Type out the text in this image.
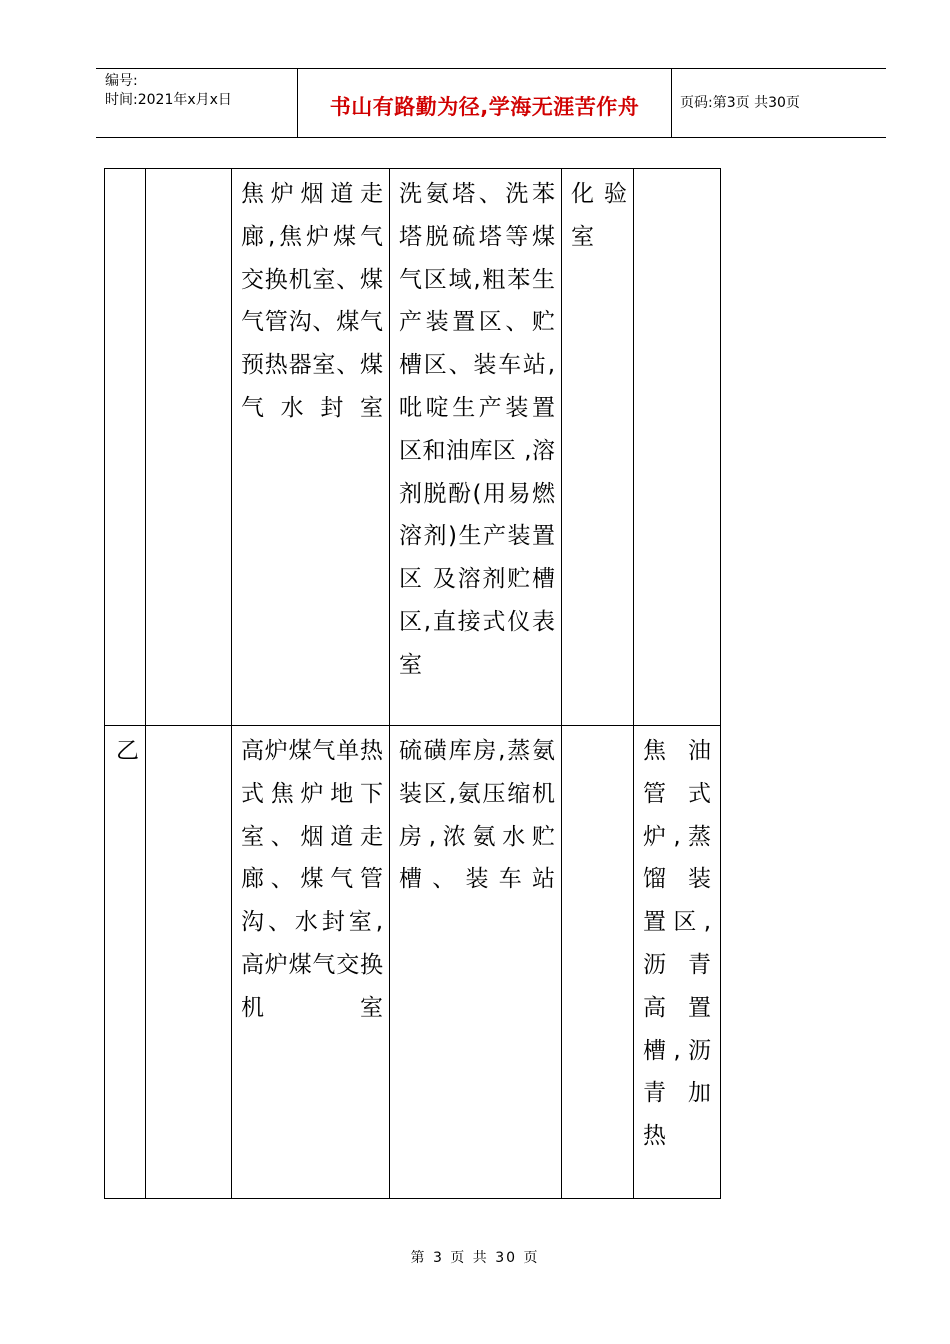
编号:
时间:2021年x月x日	书山有路勤为径,学海无涯苦作舟	页码:第3页 共30页

		焦炉烟道走廊,焦炉煤气交换机室、煤气管沟、煤气预热器室、煤气水封室	洗氨塔、洗苯塔脱硫塔等煤气区域,粗苯生产装置区、贮槽区、装车站,吡啶生产装置区和油库区 ,溶剂脱酚(用易燃溶剂)生产装置区 及溶剂贮槽区,直接式仪表室	化验室	

乙		高炉煤气单热式焦炉地下室、烟道走廊、煤气管沟、水封室,高炉煤气交换机室	硫磺库房,蒸氨装区,氨压缩机房,浓氨水贮槽、装车站		焦油管式炉,蒸馏装置区,沥青高置槽,沥青加热
第 3 页 共 30 页
